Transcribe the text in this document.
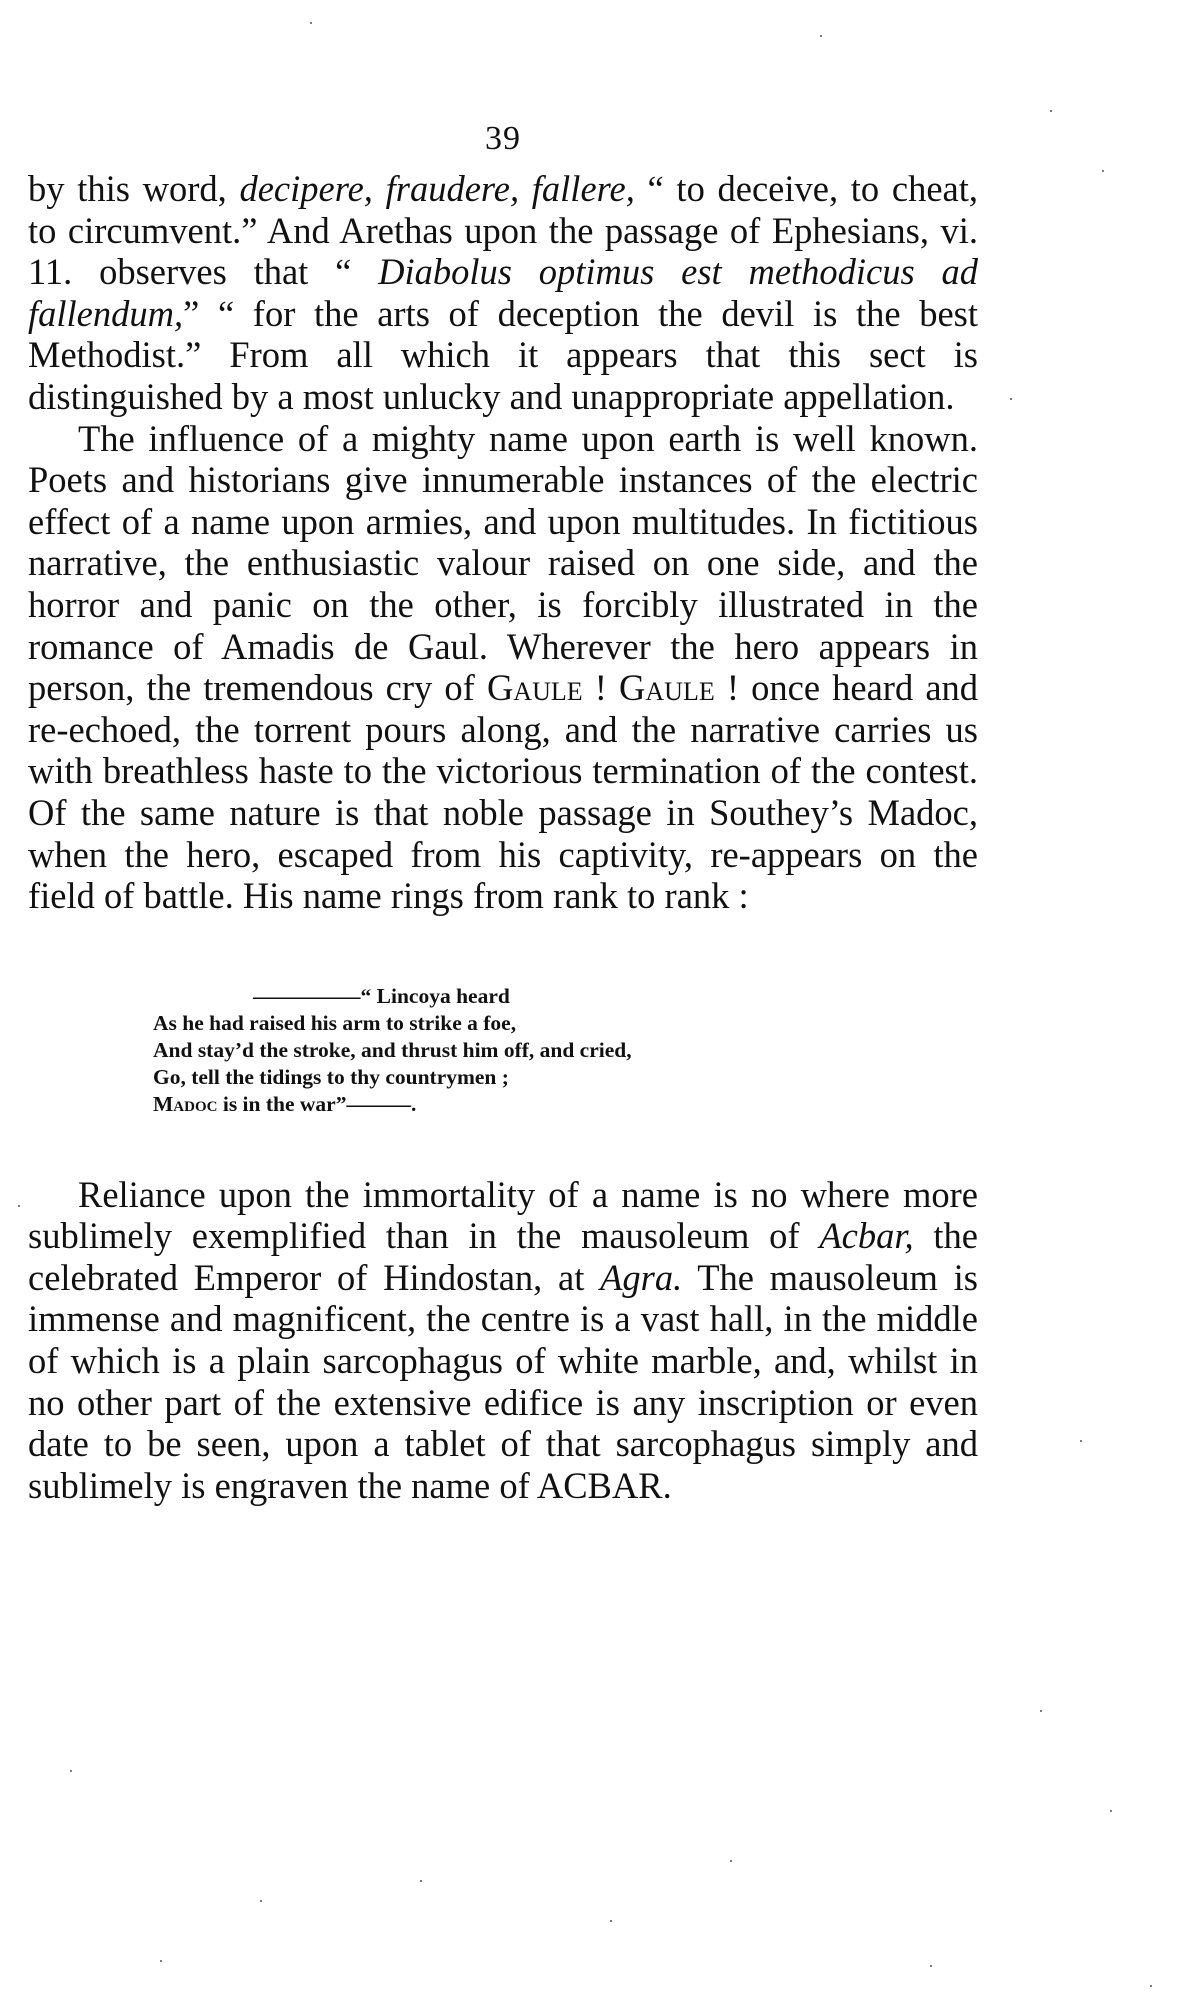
39

by this word, decipere, fraudere, fallere, “ to deceive, to cheat, to circumvent.” And Arethas upon the passage of Ephesians, vi. 11. observes that “ Diabolus optimus est methodicus ad fallendum,” “ for the arts of deception the devil is the best Methodist.” From all which it appears that this sect is distinguished by a most unlucky and unappropriate appellation.

The influence of a mighty name upon earth is well known. Poets and historians give innumerable instances of the electric effect of a name upon armies, and upon multitudes. In fictitious narrative, the enthusiastic valour raised on one side, and the horror and panic on the other, is forcibly illustrated in the romance of Amadis de Gaul. Wherever the hero appears in person, the tremendous cry of Gaule ! Gaule ! once heard and re-echoed, the torrent pours along, and the narrative carries us with breathless haste to the victorious termination of the contest. Of the same nature is that noble passage in Southey’s Madoc, when the hero, escaped from his captivity, re-appears on the field of battle. His name rings from rank to rank :

—————“ Lincoya heard
As he had raised his arm to strike a foe,
And stay’d the stroke, and thrust him off, and cried,
Go, tell the tidings to thy countrymen ;
Madoc is in the war”———.

Reliance upon the immortality of a name is no where more sublimely exemplified than in the mausoleum of Acbar, the celebrated Emperor of Hindostan, at Agra. The mausoleum is immense and magnificent, the centre is a vast hall, in the middle of which is a plain sarcophagus of white marble, and, whilst in no other part of the extensive edifice is any inscription or even date to be seen, upon a tablet of that sarcophagus simply and sublimely is engraven the name of ACBAR.
